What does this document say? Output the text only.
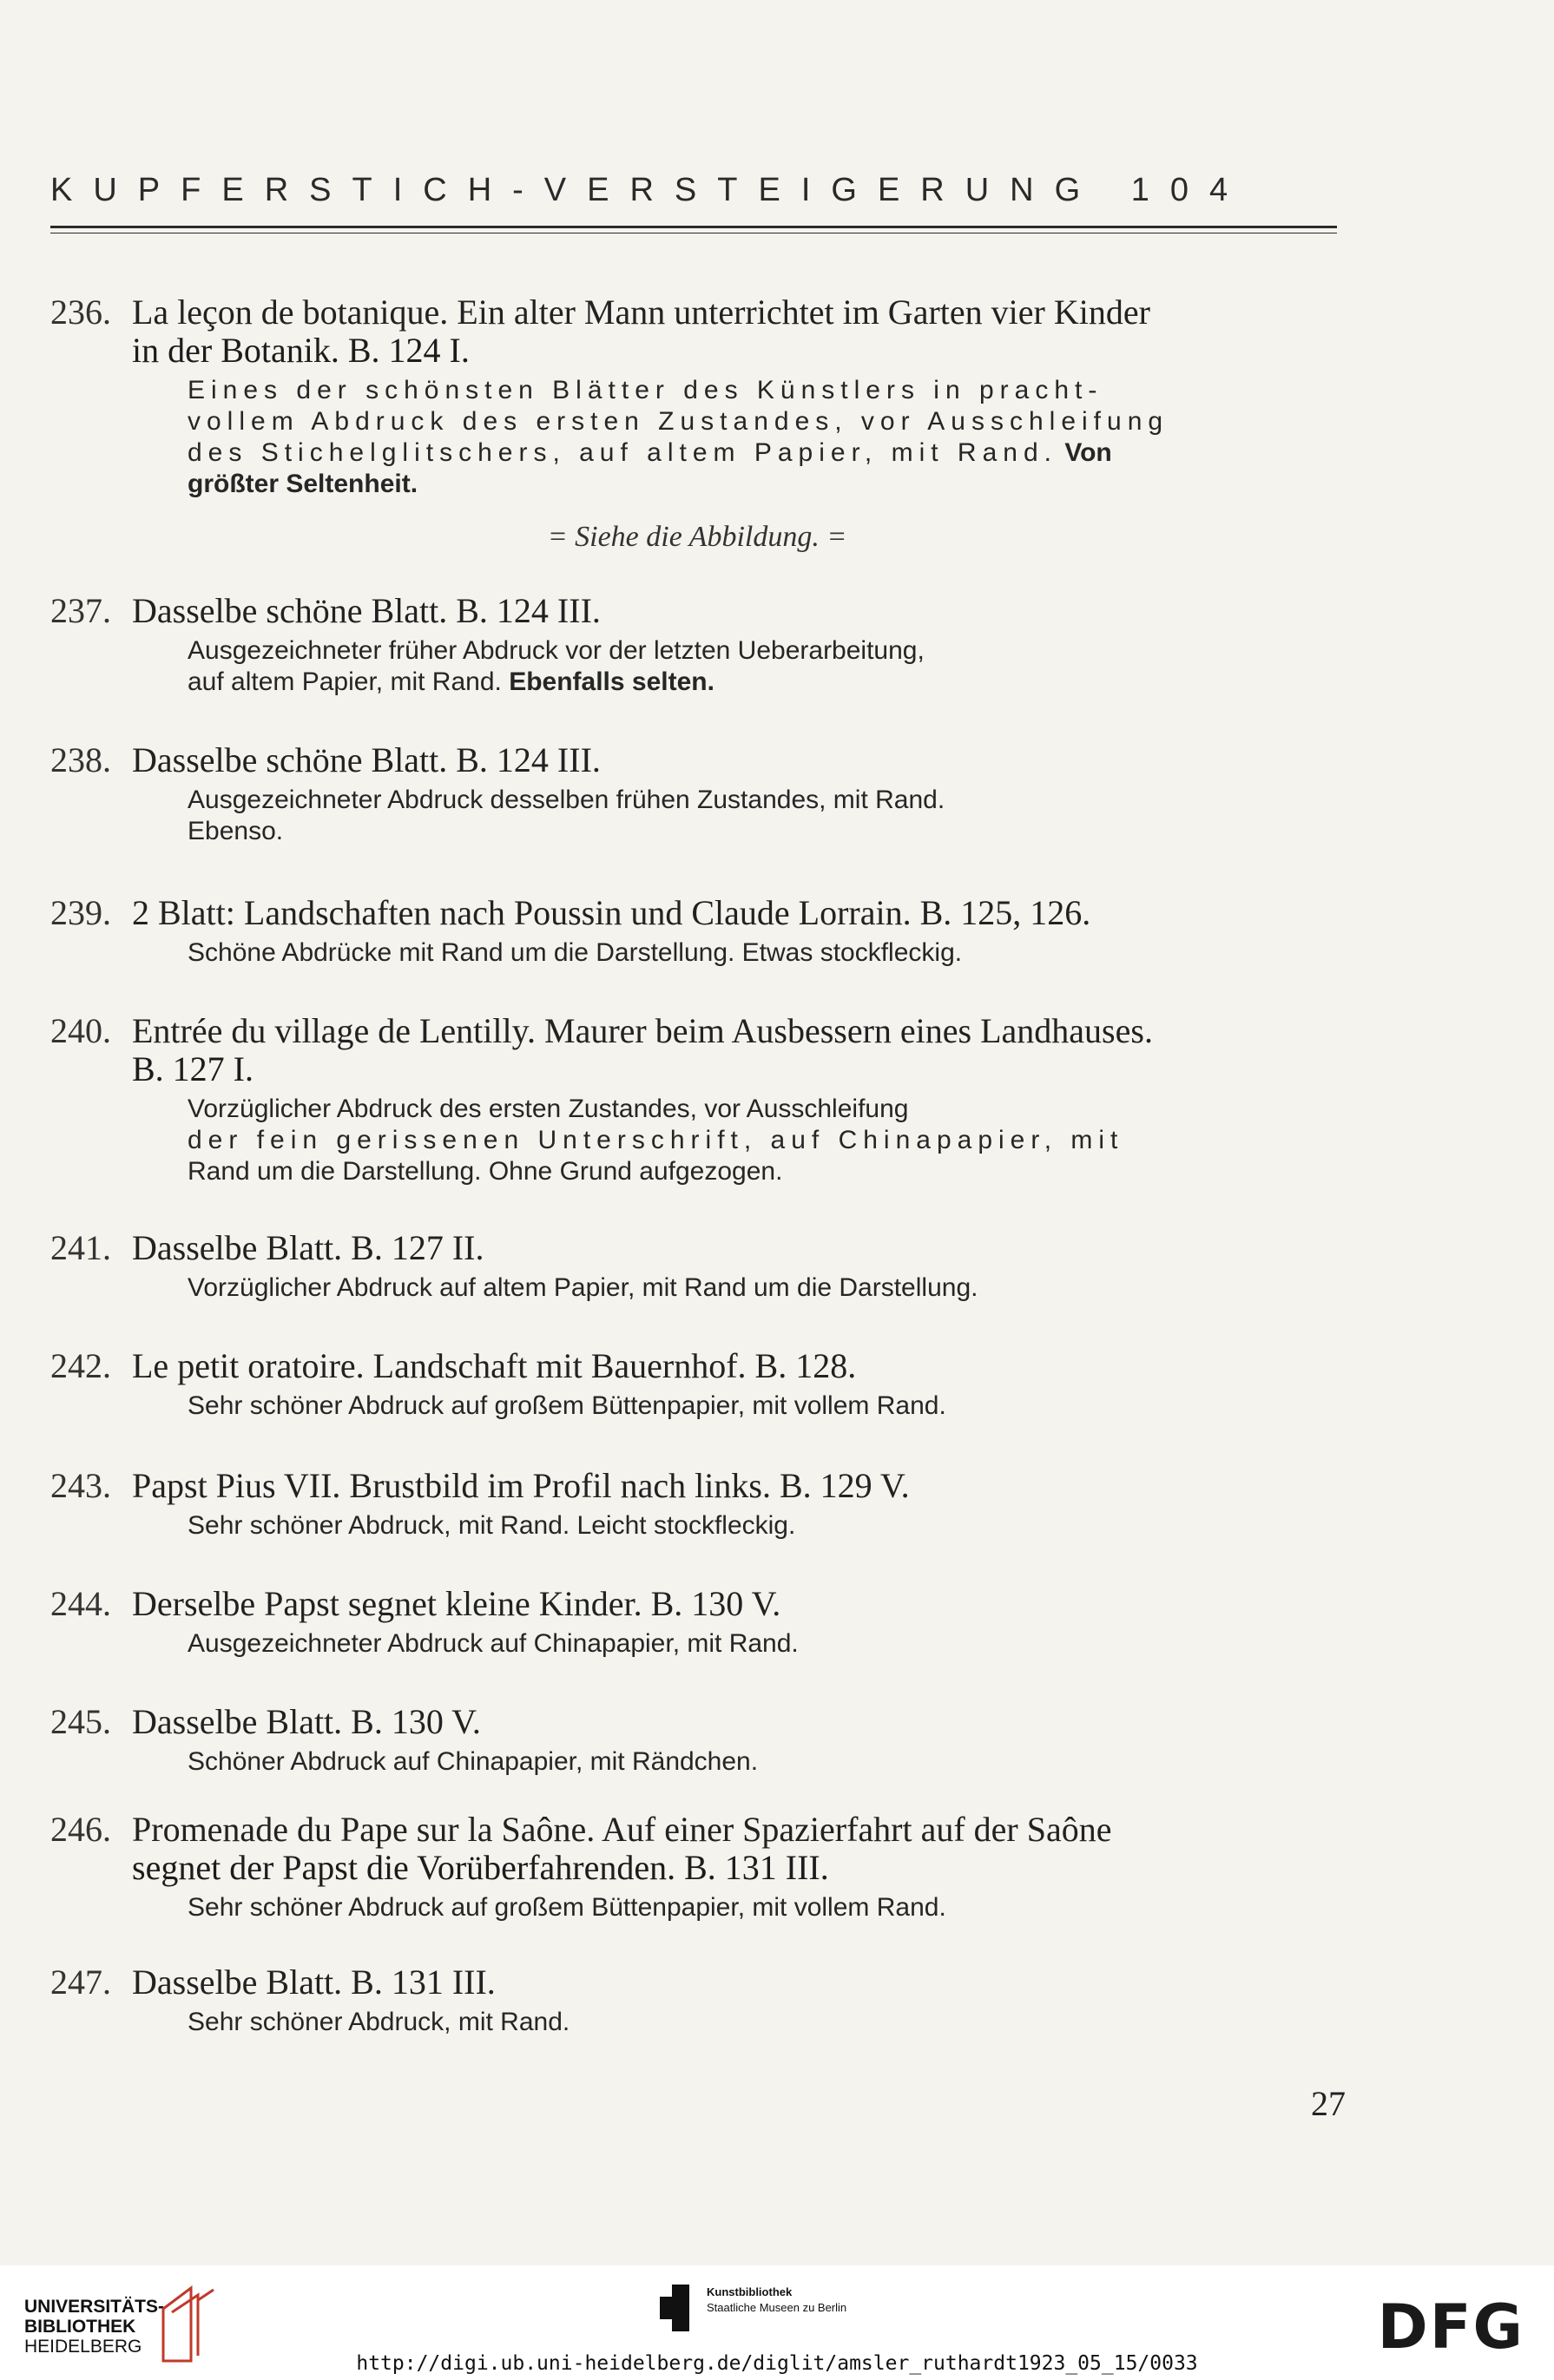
KUPFERSTICH-VERSTEIGERUNG 104
236. La leçon de botanique. Ein alter Mann unterrichtet im Garten vier Kinder
in der Botanik. B. 124 I.
Eines der schönsten Blätter des Künstlers in pracht-
vollem Abdruck des ersten Zustandes, vor Ausschleifung
des Stichelglitschers, auf altem Papier, mit Rand. Von
größter Seltenheit.
= Siehe die Abbildung. =
237. Dasselbe schöne Blatt. B. 124 III.
Ausgezeichneter früher Abdruck vor der letzten Ueberarbeitung,
auf altem Papier, mit Rand. Ebenfalls selten.
238. Dasselbe schöne Blatt. B. 124 III.
Ausgezeichneter Abdruck desselben frühen Zustandes, mit Rand.
Ebenso.
239. 2 Blatt: Landschaften nach Poussin und Claude Lorrain. B. 125, 126.
Schöne Abdrücke mit Rand um die Darstellung. Etwas stockfleckig.
240. Entrée du village de Lentilly. Maurer beim Ausbessern eines Landhauses.
B. 127 I.
Vorzüglicher Abdruck des ersten Zustandes, vor Ausschleifung
der fein gerissenen Unterschrift, auf Chinapapier, mit
Rand um die Darstellung. Ohne Grund aufgezogen.
241. Dasselbe Blatt. B. 127 II.
Vorzüglicher Abdruck auf altem Papier, mit Rand um die Darstellung.
242. Le petit oratoire. Landschaft mit Bauernhof. B. 128.
Sehr schöner Abdruck auf großem Büttenpapier, mit vollem Rand.
243. Papst Pius VII. Brustbild im Profil nach links. B. 129 V.
Sehr schöner Abdruck, mit Rand. Leicht stockfleckig.
244. Derselbe Papst segnet kleine Kinder. B. 130 V.
Ausgezeichneter Abdruck auf Chinapapier, mit Rand.
245. Dasselbe Blatt. B. 130 V.
Schöner Abdruck auf Chinapapier, mit Rändchen.
246. Promenade du Pape sur la Saône. Auf einer Spazierfahrt auf der Saône
segnet der Papst die Vorüberfahrenden. B. 131 III.
Sehr schöner Abdruck auf großem Büttenpapier, mit vollem Rand.
247. Dasselbe Blatt. B. 131 III.
Sehr schöner Abdruck, mit Rand.
27
UNIVERSITÄTS-
BIBLIOTHEK
HEIDELBERG
Kunstbibliothek
Staatliche Museen zu Berlin
http://digi.ub.uni-heidelberg.de/diglit/amsler_ruthardt1923_05_15/0033
DFG
